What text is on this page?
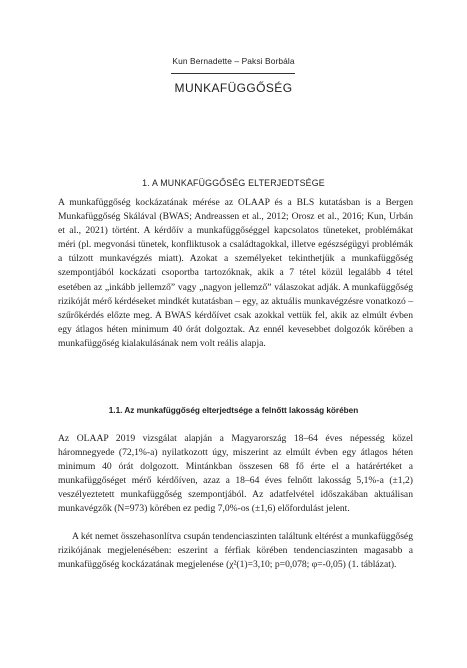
Kun Bernadette – Paksi Borbála
MUNKAFÜGGŐSÉG
1. A MUNKAFÜGGŐSÉG ELTERJEDTSÉGE

A munkafüggőség kockázatának mérése az OLAAP és a BLS kutatásban is a Bergen Munkafüggőség Skálával (BWAS; Andreassen et al., 2012; Orosz et al., 2016; Kun, Urbán et al., 2021) történt. A kérdőív a munkafüggőséggel kapcsolatos tüneteket, problémákat méri (pl. megvonási tünetek, konfliktusok a családtagokkal, illetve egészségügyi problémák a túlzott munkavégzés miatt). Azokat a személyeket tekinthetjük a munkafüggőség szempontjából kockázati csoportba tartozóknak, akik a 7 tétel közül legalább 4 tétel esetében az „inkább jellemző” vagy „nagyon jellemző” válaszokat adják. A munkafüggőség rizikóját mérő kérdéseket mindkét kutatásban – egy, az aktuális munkavégzésre vonatkozó – szűrőkérdés előzte meg. A BWAS kérdőívet csak azokkal vettük fel, akik az elmúlt évben egy átlagos héten minimum 40 órát dolgoztak. Az ennél kevesebbet dolgozók körében a munkafüggőség kialakulásának nem volt reális alapja.

1.1. Az munkafüggőség elterjedtsége a felnőtt lakosság körében

Az OLAAP 2019 vizsgálat alapján a Magyarország 18–64 éves népesség közel háromnegyede (72,1%-a) nyilatkozott úgy, miszerint az elmúlt évben egy átlagos héten minimum 40 órát dolgozott. Mintánkban összesen 68 fő érte el a határértéket a munkafüggőséget mérő kérdőíven, azaz a 18–64 éves felnőtt lakosság 5,1%-a (±1,2) veszélyeztetett munkafüggőség szempontjából. Az adatfelvétel időszakában aktuálisan munkavégzők (N=973) körében ez pedig 7,0%-os (±1,6) előfordulást jelent.

A két nemet összehasonlítva csupán tendenciaszinten találtunk eltérést a munkafüggőség rizikójának megjelenésében: eszerint a férfiak körében tendenciaszinten magasabb a munkafüggőség kockázatának megjelenése (χ²(1)=3,10; p=0,078; φ=-0,05) (1. táblázat).
